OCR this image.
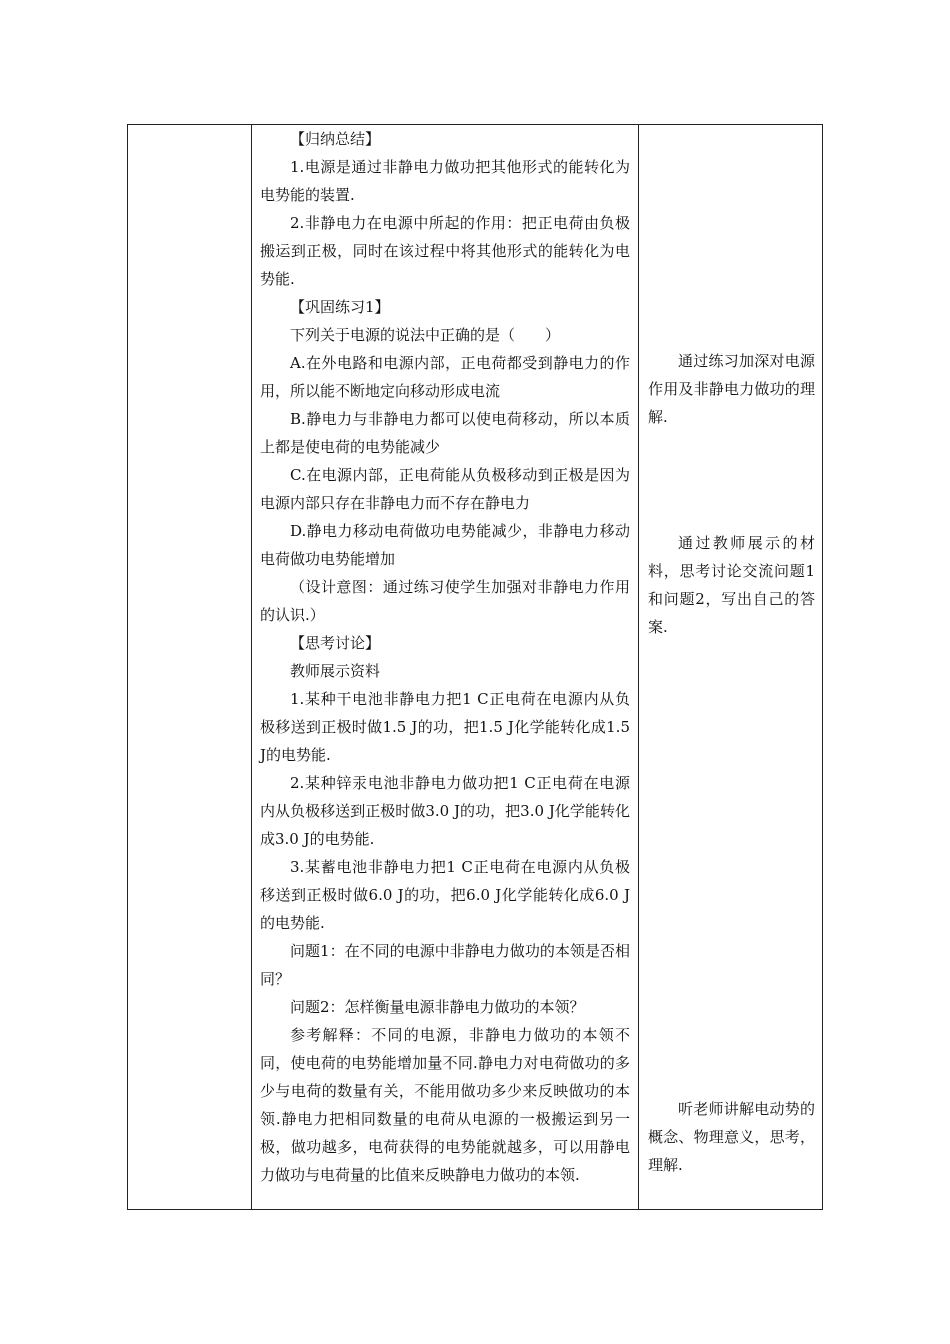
【归纳总结】

1.电源是通过非静电力做功把其他形式的能转化为电势能的装置.

2.非静电力在电源中所起的作用：把正电荷由负极搬运到正极，同时在该过程中将其他形式的能转化为电势能.

【巩固练习1】

下列关于电源的说法中正确的是（　　）

A.在外电路和电源内部，正电荷都受到静电力的作用，所以能不断地定向移动形成电流

B.静电力与非静电力都可以使电荷移动，所以本质上都是使电荷的电势能减少

C.在电源内部，正电荷能从负极移动到正极是因为电源内部只存在非静电力而不存在静电力

D.静电力移动电荷做功电势能减少，非静电力移动电荷做功电势能增加

（设计意图：通过练习使学生加强对非静电力作用的认识.）

【思考讨论】

教师展示资料

1.某种干电池非静电力把1 C正电荷在电源内从负极移送到正极时做1.5 J的功，把1.5 J化学能转化成1.5 J的电势能.

2.某种锌汞电池非静电力做功把1 C正电荷在电源内从负极移送到正极时做3.0 J的功，把3.0 J化学能转化成3.0 J的电势能.

3.某蓄电池非静电力把1 C正电荷在电源内从负极移送到正极时做6.0 J的功，把6.0 J化学能转化成6.0 J的电势能.

问题1：在不同的电源中非静电力做功的本领是否相同？

问题2：怎样衡量电源非静电力做功的本领？

参考解释：不同的电源，非静电力做功的本领不同，使电荷的电势能增加量不同.静电力对电荷做功的多少与电荷的数量有关，不能用做功多少来反映做功的本领.静电力把相同数量的电荷从电源的一极搬运到另一极，做功越多，电荷获得的电势能就越多，可以用静电力做功与电荷量的比值来反映静电力做功的本领.

通过练习加深对电源作用及非静电力做功的理解.

通过教师展示的材料，思考讨论交流问题1和问题2，写出自己的答案.

听老师讲解电动势的概念、物理意义，思考，理解.
